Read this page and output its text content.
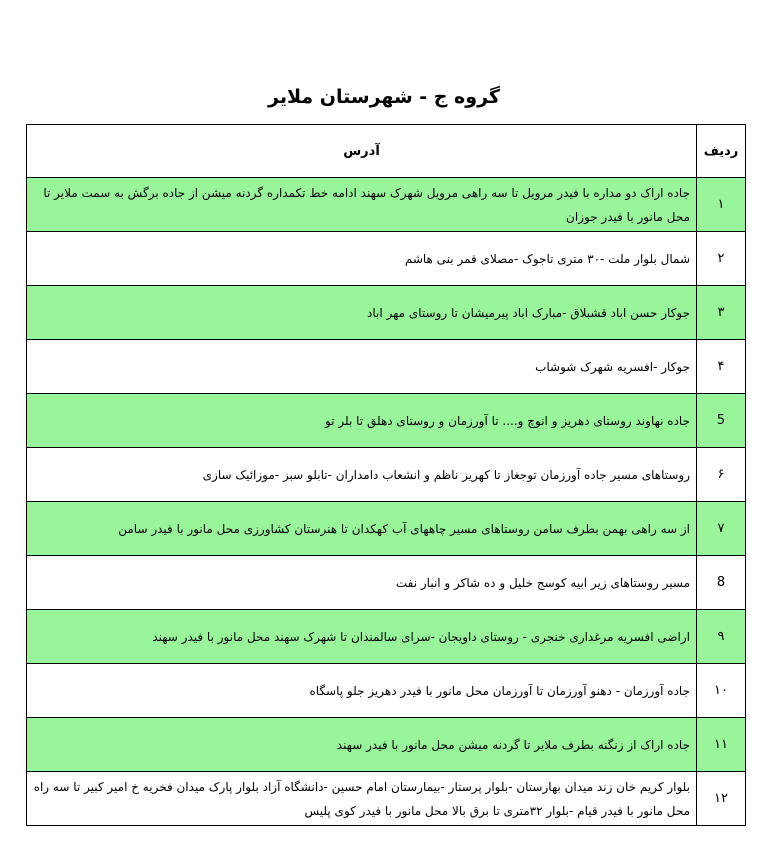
گروه ج - شهرستان ملایر
ردیف	آدرس
۱	جاده اراک دو مداره با فیدر مرویل تا سه راهی مرویل شهرک سهند ادامه خط تکمداره گردنه میشن از جاده برگش به سمت ملایر تا محل مانور با فیدر جوزان
۲	شمال بلوار ملت -۳۰ متری تاجوک -مصلای قمر بنی هاشم
۳	جوکار حسن اباد قشبلاق -مبارک اباد پیرمیشان تا روستای مهر اباد
۴	جوکار -افسریه شهرک شوشاب
5	جاده نهاوند روستای دهریز و انوچ و.... تا آورزمان و روستای دهلق تا بلر تو
۶	روستاهای مسیر جاده آورزمان توجغاز تا کهریز ناظم و انشعاب دامداران -تابلو سبز -موزائیک سازی
۷	از سه راهی بهمن بطرف سامن روستاهای مسیر چاههای آب کهکدان تا هنرستان کشاورزی محل مانور با فیدر سامن
8	مسیر روستاهای زیر ابیه کوسج خلیل و ده شاکر و انبار نفت
۹	اراضی افسریه مرغداری خنجری - روستای داویجان -سرای سالمندان تا شهرک سهند محل مانور با فیدر سهند
۱۰	جاده آورزمان - دهنو آورزمان تا آورزمان محل مانور با فیدر دهریز جلو پاسگاه
۱۱	جاده اراک از زنگنه بطرف ملایر تا گردنه میشن محل مانور با فیدر سهند
۱۲	بلوار کریم خان زند میدان بهارستان -بلوار پرستار -بیمارستان امام حسین -دانشگاه آزاد بلوار پارک میدان فخریه خ امیر کبیر تا سه راه محل مانور با فیدر قیام -بلوار ۳۲متری تا برق بالا محل مانور با فیدر کوی پلیس
